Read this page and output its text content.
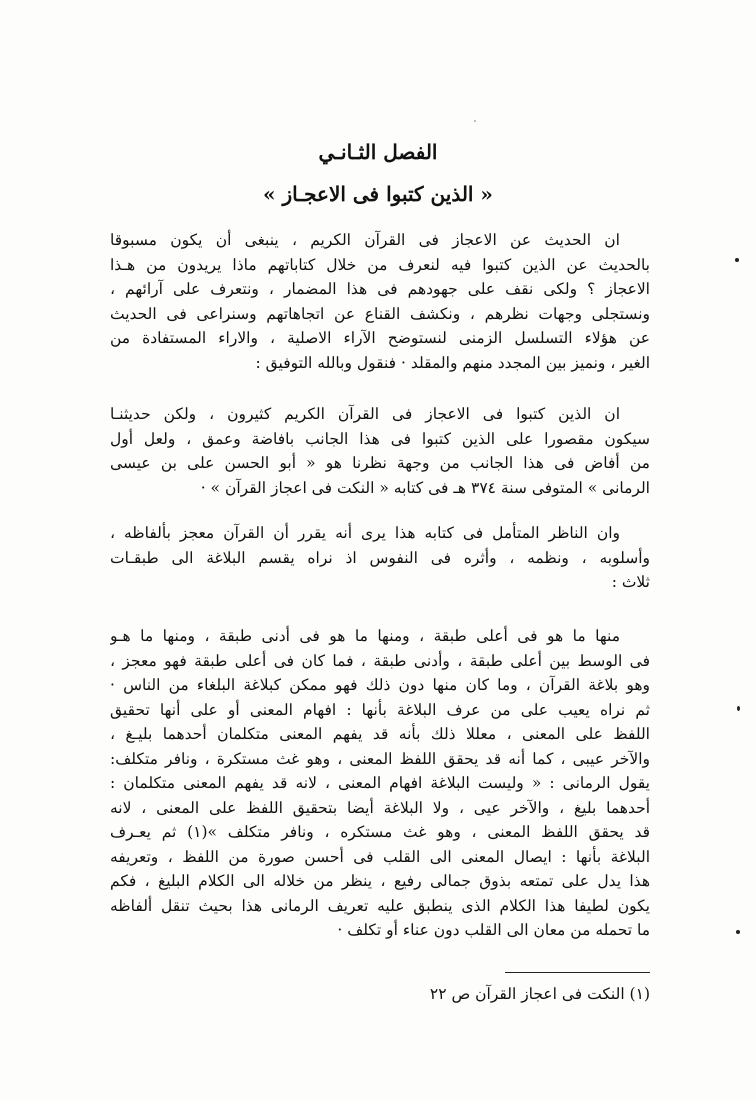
الفصل الثـانـي
« الذين كتبوا فى الاعجـاز »
ان الحديث عن الاعجاز فى القرآن الكريم ، ينبغى أن يكون مسبوقا
بالحديث عن الذين كتبوا فيه لنعرف من خلال كتاباتهم ماذا يريدون من هـذا
الاعجاز ؟ ولكى نقف على جهودهم فى هذا المضمار ، ونتعرف على آرائهم ،
ونستجلى وجهات نظرهم ، ونكشف القناع عن اتجاهاتهم وسنراعى فى الحديث
عن هؤلاء التسلسل الزمنى لنستوضح الآراء الاصلية ، والاراء المستفادة من
الغير ، ونميز بين المجدد منهم والمقلد · فنقول وبالله التوفيق :
ان الذين كتبوا فى الاعجاز فى القرآن الكريم كثيرون ، ولكن حديثنـا
سيكون مقصورا على الذين كتبوا فى هذا الجانب بافاضة وعمق ، ولعل أول
من أفاض فى هذا الجانب من وجهة نظرنا هو « أبو الحسن على بن عيسى
الرمانى » المتوفى سنة ٣٧٤ هـ فى كتابه « النكت فى اعجاز القرآن » ·
وان الناظر المتأمل فى كتابه هذا يرى أنه يقرر أن القرآن معجز بألفاظه ،
وأسلوبه ، ونظمه ، وأثره فى النفوس اذ نراه يقسم البلاغة الى طبقـات
ثلاث :
منها ما هو فى أعلى طبقة ، ومنها ما هو فى أدنى طبقة ، ومنها ما هـو
فى الوسط بين أعلى طبقة ، وأدنى طبقة ، فما كان فى أعلى طبقة فهو معجز ،
وهو بلاغة القرآن ، وما كان منها دون ذلك فهو ممكن كبلاغة البلغاء من الناس ·
ثم نراه يعيب على من عرف البلاغة بأنها : افهام المعنى أو على أنها تحقيق
اللفظ على المعنى ، معللا ذلك بأنه قد يفهم المعنى متكلمان أحدهما بليـغ ،
والآخر عيبى ، كما أنه قد يحقق اللفظ المعنى ، وهو غث مستكرة ، ونافر متكلف:
يقول الرمانى : « وليست البلاغة افهام المعنى ، لانه قد يفهم المعنى متكلمان :
أحدهما بليغ ، والآخر عيى ، ولا البلاغة أيضا بتحقيق اللفظ على المعنى ، لانه
قد يحقق اللفظ المعنى ، وهو غث مستكره ، ونافر متكلف »(١) ثم يعـرف
البلاغة بأنها : ايصال المعنى الى القلب فى أحسن صورة من اللفظ ، وتعريفه
هذا يدل على تمتعه بذوق جمالى رفيع ، ينظر من خلاله الى الكلام البليغ ، فكم
يكون لطيفا هذا الكلام الذى ينطبق عليه تعريف الرمانى هذا بحيث تنقل ألفاظه
ما تحمله من معان الى القلب دون عناء أو تكلف ·
(١) النكت فى اعجاز القرآن ص ٢٢
